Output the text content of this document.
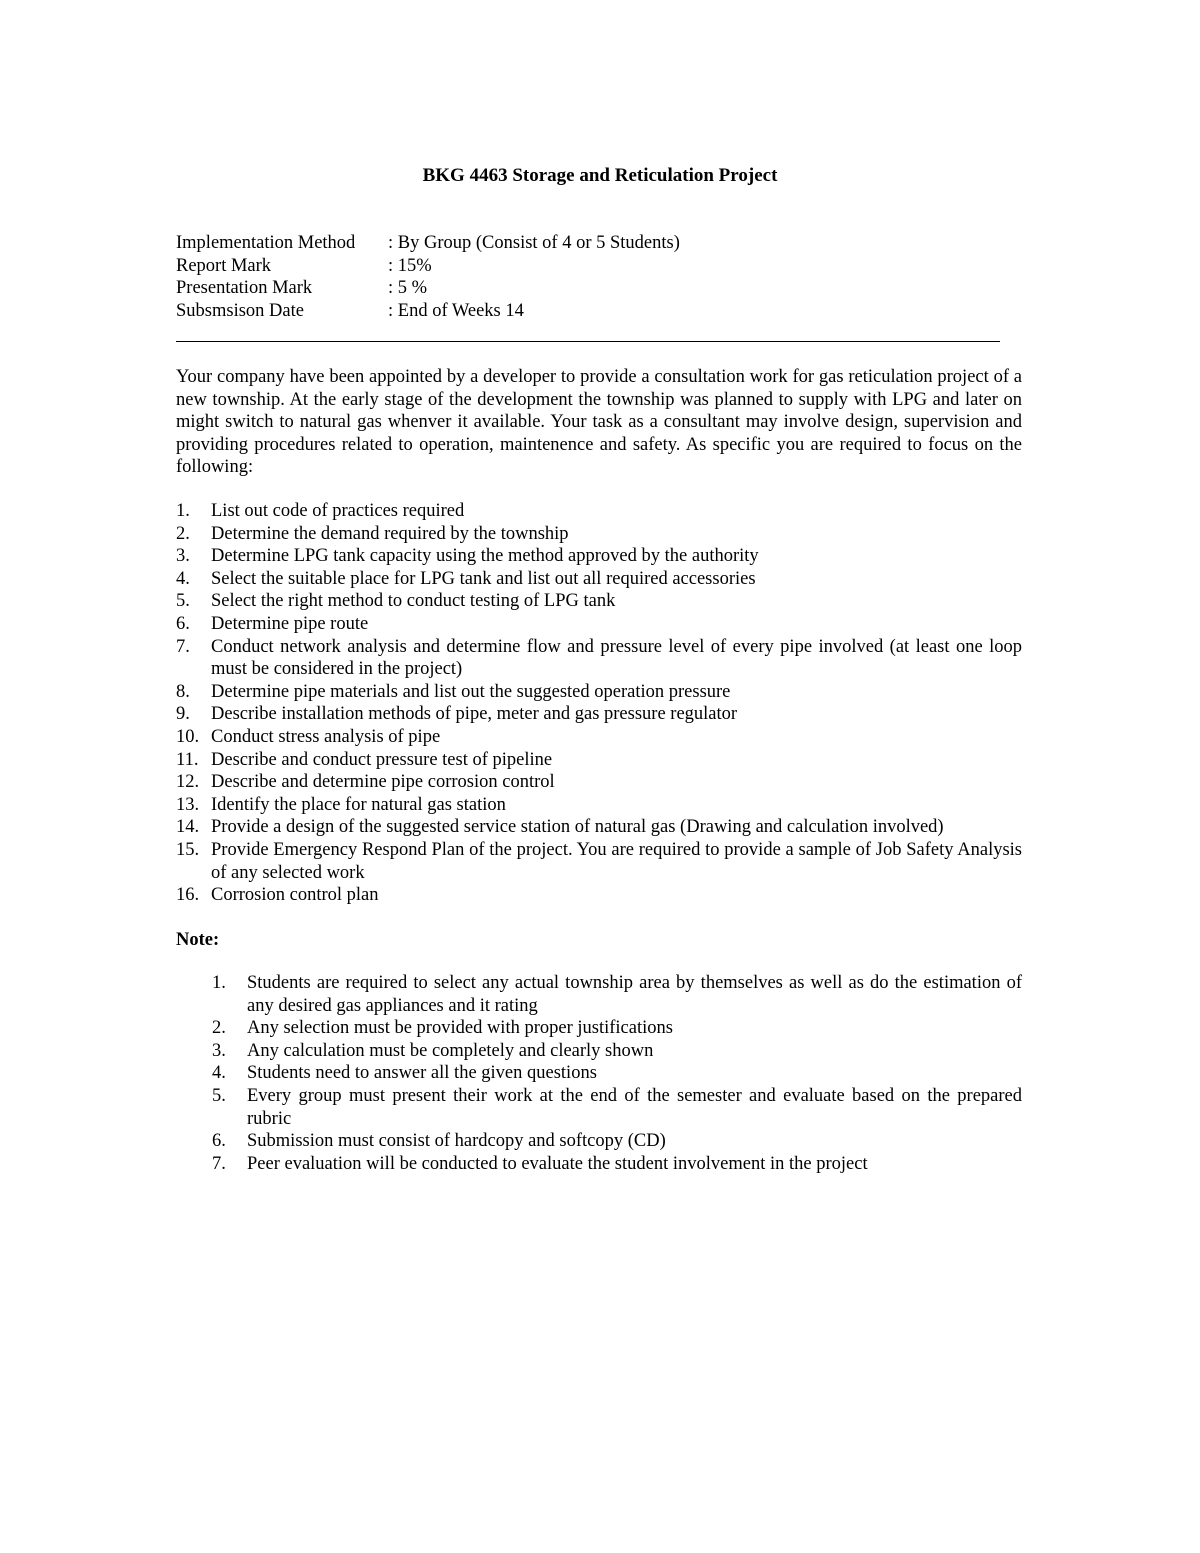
BKG 4463 Storage and Reticulation Project
Implementation Method	: By Group (Consist of 4 or 5 Students)
Report Mark	: 15%
Presentation Mark	: 5 %
Subsmsison Date	: End of Weeks 14
Your company have been appointed by a developer to provide a consultation work for gas reticulation project of a new township. At the early stage of the development the township was planned to supply with LPG and later on might switch to natural gas whenver it available. Your task as a consultant may involve design, supervision and providing procedures related to operation, maintenence and safety. As specific you are required to focus on the following:
1.	List out code of practices required
2.	Determine the demand required by the township
3.	Determine LPG tank capacity using the method approved by the authority
4.	Select the suitable place for LPG tank and list out all required accessories
5.	Select the right method to conduct testing of LPG tank
6.	Determine pipe route
7.	Conduct network analysis and determine flow and pressure level of every pipe involved (at least one loop must be considered in the project)
8.	Determine pipe materials and list out the suggested operation pressure
9.	Describe installation methods of pipe, meter and gas pressure regulator
10. Conduct stress analysis of pipe
11. Describe and conduct pressure test of pipeline
12. Describe and determine pipe corrosion control
13. Identify the place for natural gas station
14. Provide a design of the suggested service station of natural gas (Drawing and calculation involved)
15. Provide Emergency Respond Plan of the project. You are required to provide a sample of Job Safety Analysis of any selected work
16. Corrosion control plan
Note:
1.	Students are required to select any actual township area by themselves as well as do the estimation of any desired gas appliances and it rating
2.	Any selection must be provided with proper justifications
3.	Any calculation must be completely and clearly shown
4.	Students need to answer all the given questions
5.	Every group must present their work at the end of the semester and evaluate based on the prepared rubric
6.	Submission must consist of hardcopy and softcopy (CD)
7.	Peer evaluation will be conducted to evaluate the student involvement in the project
